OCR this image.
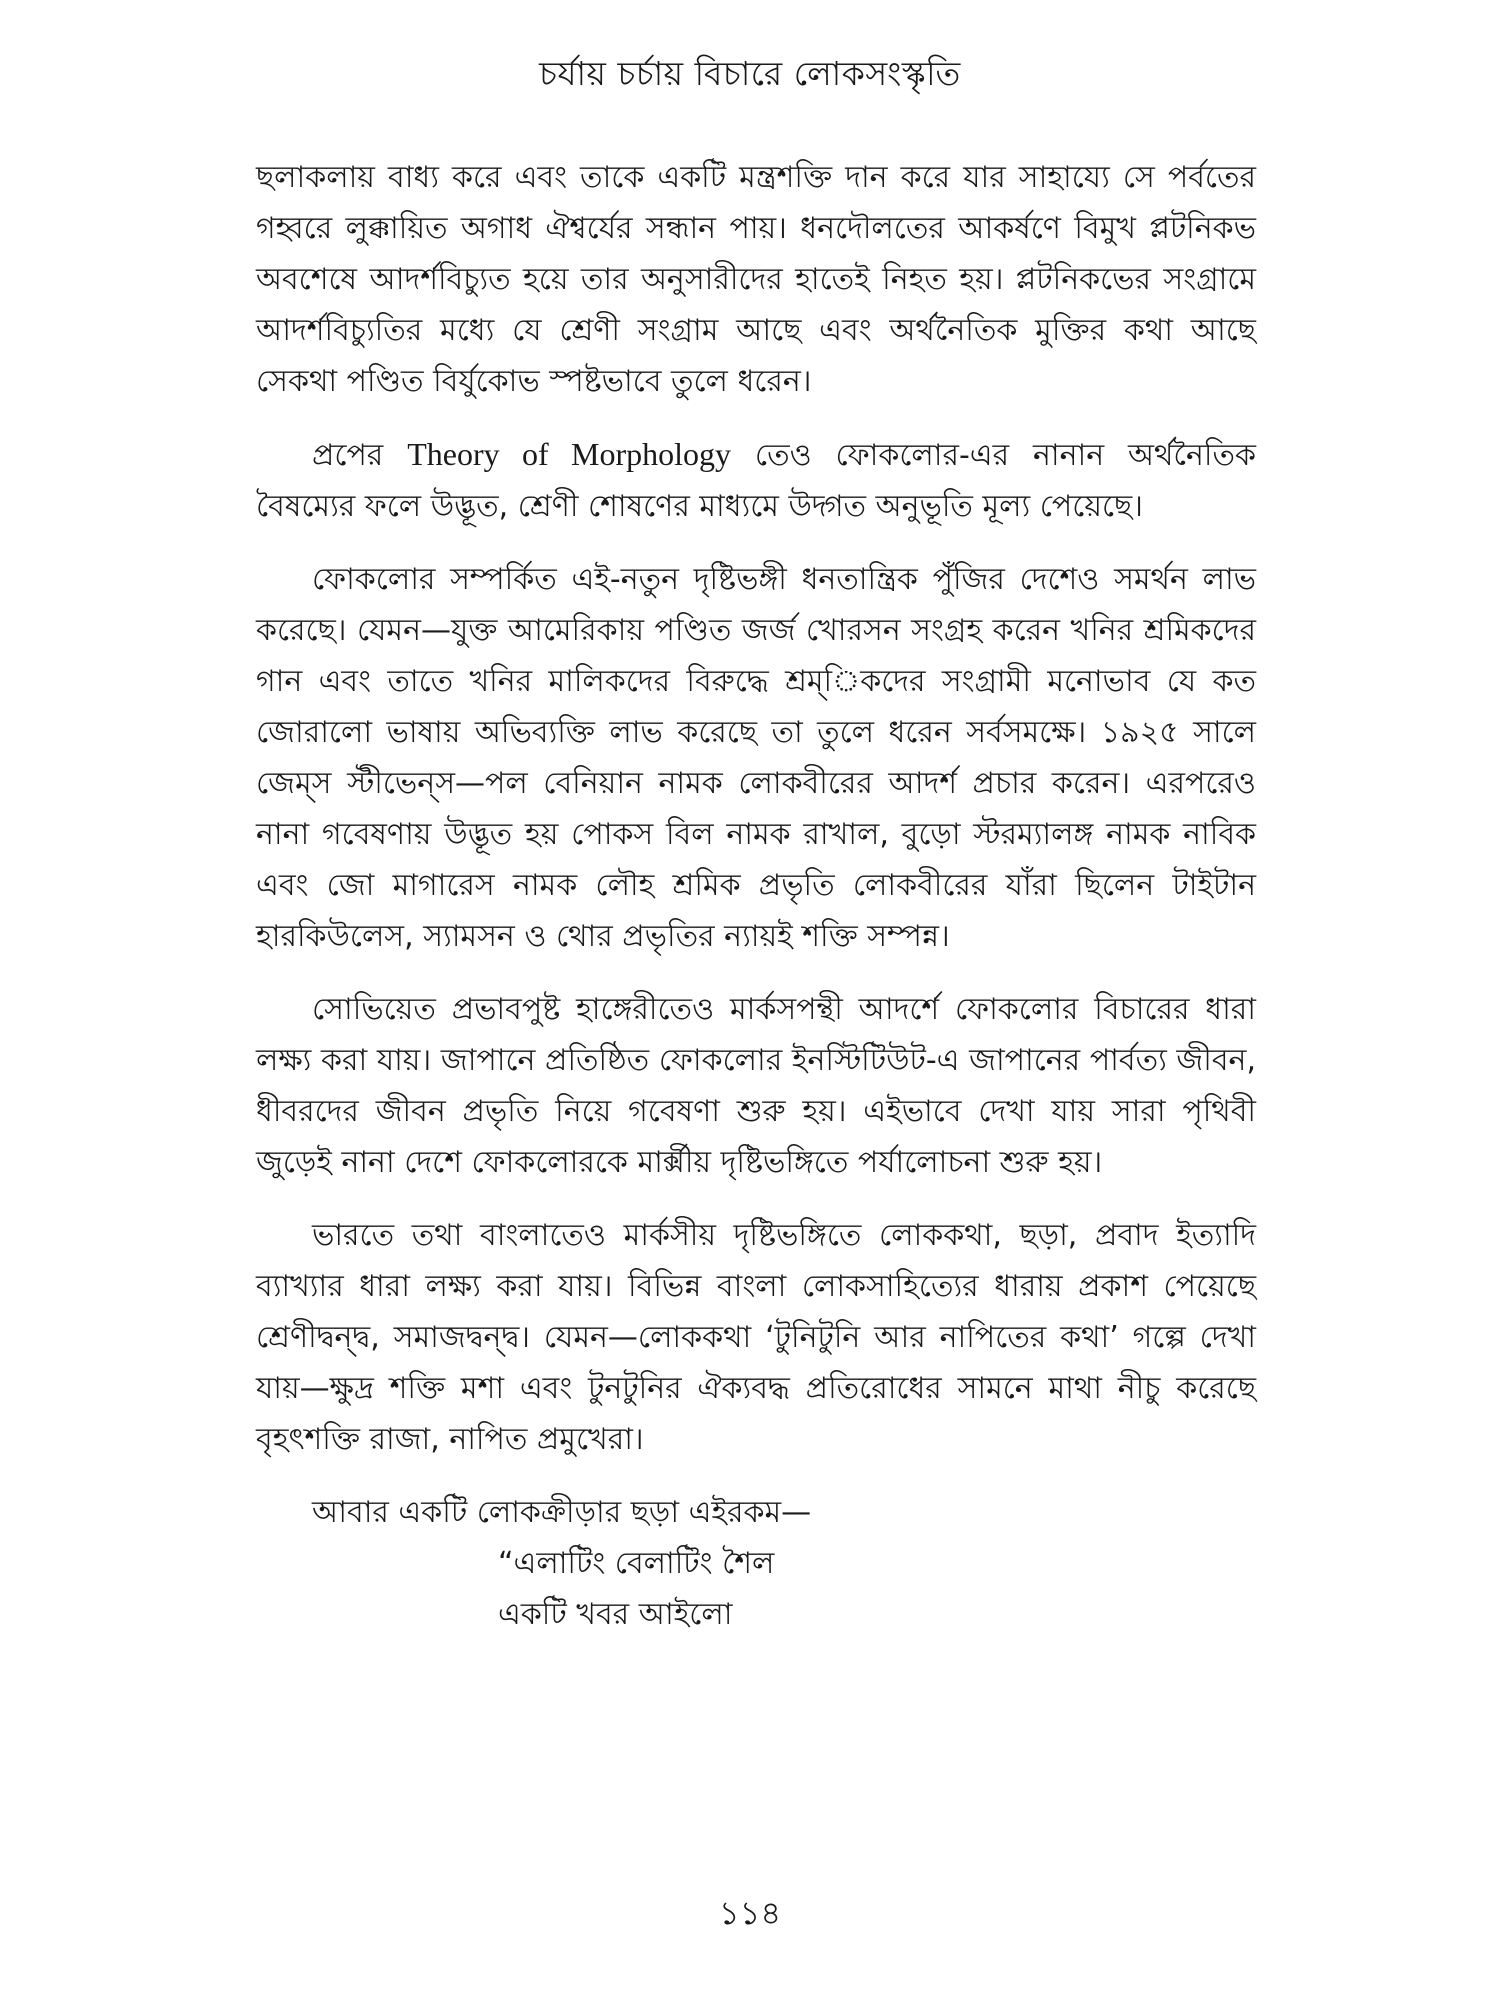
চর্যায় চর্চায় বিচারে লোকসংস্কৃতি

ছলাকলায় বাধ্য করে এবং তাকে একটি মন্ত্রশক্তি দান করে যার সাহায্যে সে পর্বতের গহ্বরে লুক্কায়িত অগাধ ঐশ্বর্যের সন্ধান পায়। ধনদৌলতের আকর্ষণে বিমুখ প্লটনিকভ অবশেষে আদর্শবিচ্যুত হয়ে তার অনুসারীদের হাতেই নিহত হয়। প্লটনিকভের সংগ্রামে আদর্শবিচ্যুতির মধ্যে যে শ্রেণী সংগ্রাম আছে এবং অর্থনৈতিক মুক্তির কথা আছে সেকথা পণ্ডিত বির্যুকোভ স্পষ্টভাবে তুলে ধরেন।

প্রপের Theory of Morphology তেও ফোকলোর-এর নানান অর্থনৈতিক বৈষম্যের ফলে উদ্ভূত, শ্রেণী শোষণের মাধ্যমে উদ্গত অনুভূতি মূল্য পেয়েছে।

ফোকলোর সম্পর্কিত এই-নতুন দৃষ্টিভঙ্গী ধনতান্ত্রিক পুঁজির দেশেও সমর্থন লাভ করেছে। যেমন—যুক্ত আমেরিকায় পণ্ডিত জর্জ খোরসন সংগ্রহ করেন খনির শ্রমিকদের গান এবং তাতে খনির মালিকদের বিরুদ্ধে শ্রম্‌িকদের সংগ্রামী মনোভাব যে কত জোরালো ভাষায় অভিব্যক্তি লাভ করেছে তা তুলে ধরেন সর্বসমক্ষে। ১৯২৫ সালে জেম্‌স স্টীভেন্‌স—পল বেনিয়ান নামক লোকবীরের আদর্শ প্রচার করেন। এরপরেও নানা গবেষণায় উদ্ভূত হয় পোকস বিল নামক রাখাল, বুড়ো স্টরম্যালঙ্গ নামক নাবিক এবং জো মাগারেস নামক লৌহ শ্রমিক প্রভৃতি লোকবীরের যাঁরা ছিলেন টাইটান হারকিউলেস, স্যামসন ও থোর প্রভৃতির ন্যায়ই শক্তি সম্পন্ন।

সোভিয়েত প্রভাবপুষ্ট হাঙ্গেরীতেও মার্কসপন্থী আদর্শে ফোকলোর বিচারের ধারা লক্ষ্য করা যায়। জাপানে প্রতিষ্ঠিত ফোকলোর ইনস্টিটিউট-এ জাপানের পার্বত্য জীবন, ধীবরদের জীবন প্রভৃতি নিয়ে গবেষণা শুরু হয়। এইভাবে দেখা যায় সারা পৃথিবী জুড়েই নানা দেশে ফোকলোরকে মার্ক্সীয় দৃষ্টিভঙ্গিতে পর্যালোচনা শুরু হয়।

ভারতে তথা বাংলাতেও মার্কসীয় দৃষ্টিভঙ্গিতে লোককথা, ছড়া, প্রবাদ ইত্যাদি ব্যাখ্যার ধারা লক্ষ্য করা যায়। বিভিন্ন বাংলা লোকসাহিত্যের ধারায় প্রকাশ পেয়েছে শ্রেণীদ্বন্দ্ব, সমাজদ্বন্দ্ব। যেমন—লোককথা ‘টুনিটুনি আর নাপিতের কথা’ গল্পে দেখা যায়—ক্ষুদ্র শক্তি মশা এবং টুনটুনির ঐক্যবদ্ধ প্রতিরোধের সামনে মাথা নীচু করেছে বৃহৎশক্তি রাজা, নাপিত প্রমুখেরা।

আবার একটি লোকক্রীড়ার ছড়া এইরকম—
“এলাটিং বেলাটিং শৈল
একটি খবর আইলো
১১৪
